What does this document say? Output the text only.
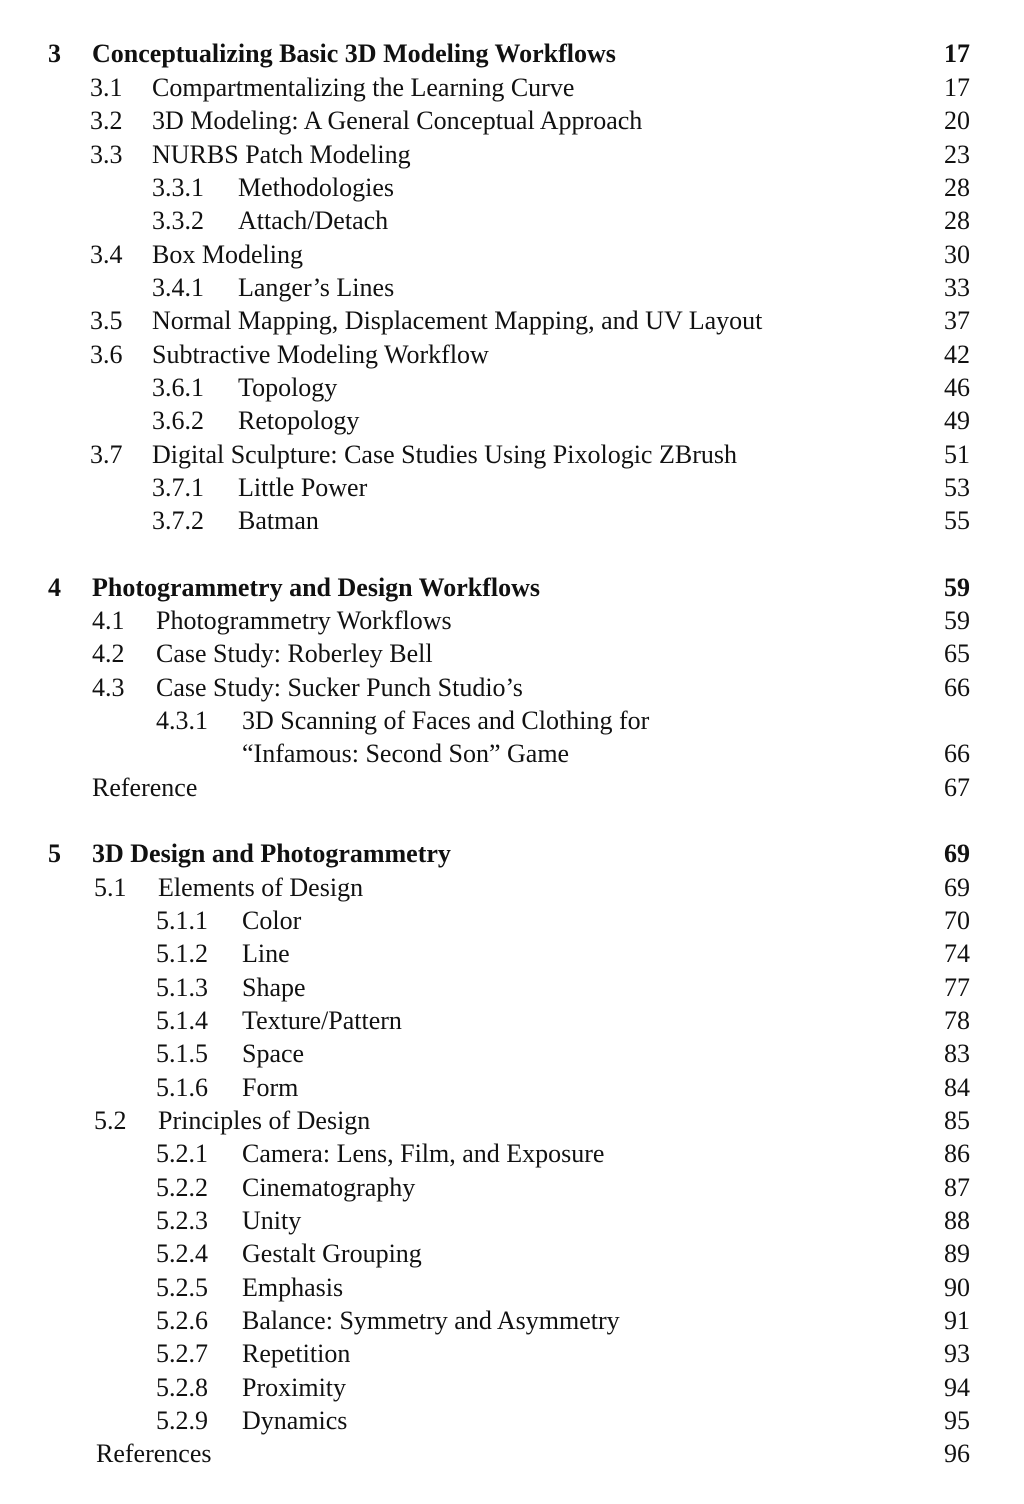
3 Conceptualizing Basic 3D Modeling Workflows	17
3.1 Compartmentalizing the Learning Curve	17
3.2 3D Modeling: A General Conceptual Approach	20
3.3 NURBS Patch Modeling	23
3.3.1 Methodologies	28
3.3.2 Attach/Detach	28
3.4 Box Modeling	30
3.4.1 Langer’s Lines	33
3.5 Normal Mapping, Displacement Mapping, and UV Layout	37
3.6 Subtractive Modeling Workflow	42
3.6.1 Topology	46
3.6.2 Retopology	49
3.7 Digital Sculpture: Case Studies Using Pixologic ZBrush	51
3.7.1 Little Power	53
3.7.2 Batman	55
4 Photogrammetry and Design Workflows	59
4.1 Photogrammetry Workflows	59
4.2 Case Study: Roberley Bell	65
4.3 Case Study: Sucker Punch Studio’s	66
4.3.1 3D Scanning of Faces and Clothing for
“Infamous: Second Son” Game	66
Reference	67
5 3D Design and Photogrammetry	69
5.1 Elements of Design	69
5.1.1 Color	70
5.1.2 Line	74
5.1.3 Shape	77
5.1.4 Texture/Pattern	78
5.1.5 Space	83
5.1.6 Form	84
5.2 Principles of Design	85
5.2.1 Camera: Lens, Film, and Exposure	86
5.2.2 Cinematography	87
5.2.3 Unity	88
5.2.4 Gestalt Grouping	89
5.2.5 Emphasis	90
5.2.6 Balance: Symmetry and Asymmetry	91
5.2.7 Repetition	93
5.2.8 Proximity	94
5.2.9 Dynamics	95
References	96
